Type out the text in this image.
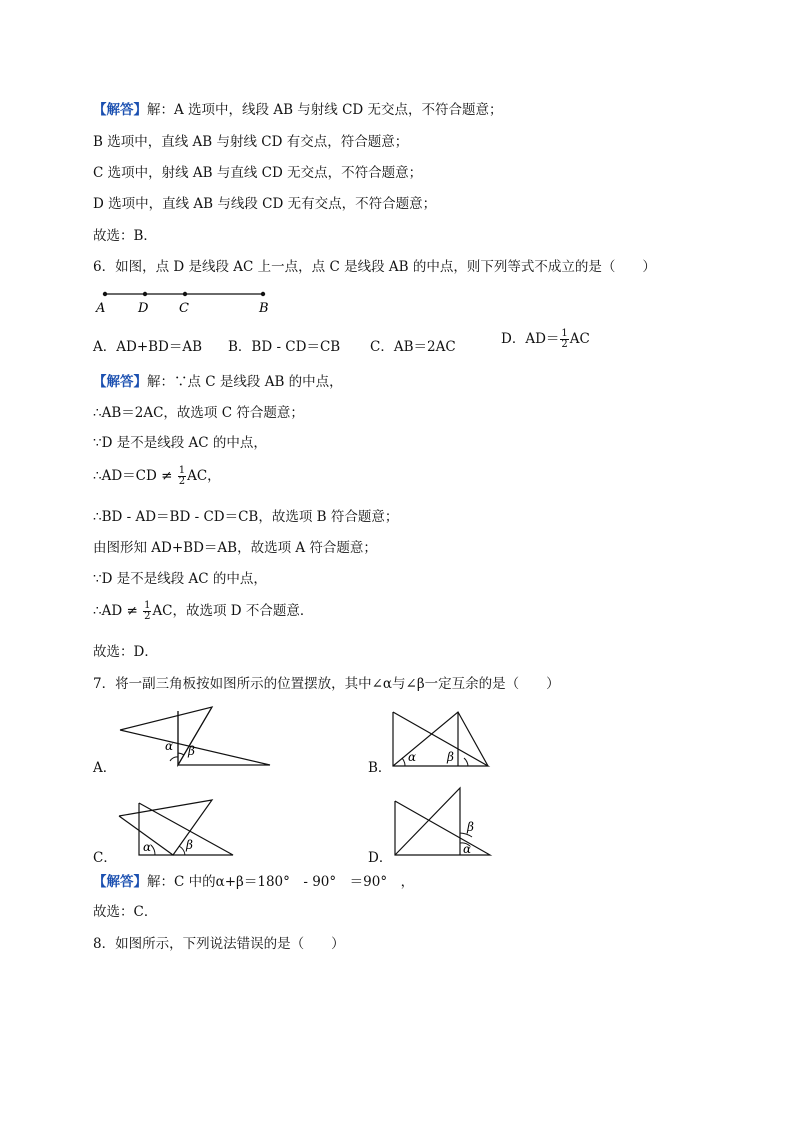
【解答】解：A 选项中，线段 AB 与射线 CD 无交点，不符合题意；
B 选项中，直线 AB 与射线 CD 有交点，符合题意；
C 选项中，射线 AB 与直线 CD 无交点，不符合题意；
D 选项中，直线 AB 与线段 CD 无有交点，不符合题意；
故选：B．
6．如图，点 D 是线段 AC 上一点，点 C 是线段 AB 的中点，则下列等式不成立的是（　　）
A	D C	B
A．AD+BD＝AB B．BD - CD＝CB C．AB＝2AC	D．$AD= \frac{1}{2}$ AC
【解答】解：∵点 C 是线段 AB 的中点，
∴AB＝2AC，故选项 C 符合题意；
∵D 是不是线段 AC 的中点，
∴AD＝CD ≠ $\frac{1}{2}$ AC，
∴BD - AD＝BD - CD＝CB，故选项 B 符合题意；
由图形知 AD+BD＝AB，故选项 A 符合题意；
∵D 是不是线段 AC 的中点，
∴AD ≠ $\frac{1}{2}$ AC，故选项 D 不合题意．
故选：D．
7．将一副三角板按如图所示的位置摆放，其中∠α与∠β一定互余的是（　　）
A．
α β
B．
α	β
C．
α	β
D．
α
β
【解答】解：C 中的α+β＝180°　- 90°　＝90°　，
故选：C．
8．如图所示，下列说法错误的是（　　）
